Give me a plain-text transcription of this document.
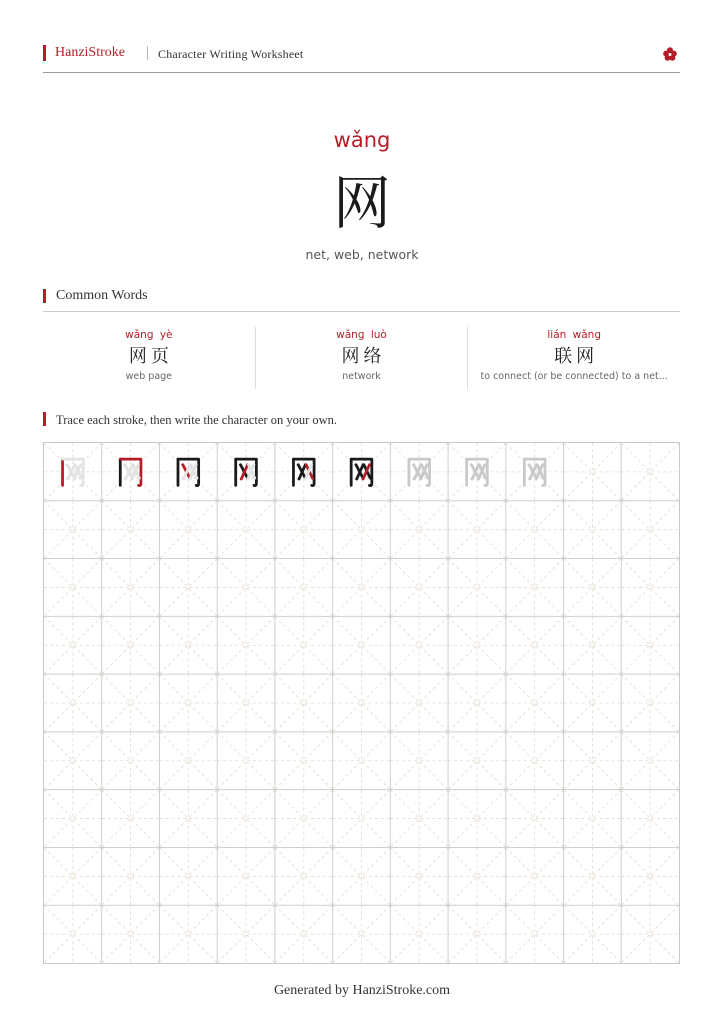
HanziStroke	Character Writing Worksheet
wǎng
网
net, web, network
Common Words
wǎng yè
网页
web page
wǎng luò
网络
network
lián wǎng
联网
to connect (or be connected) to a net...
Trace each stroke, then write the character on your own.
Generated by HanziStroke.com
